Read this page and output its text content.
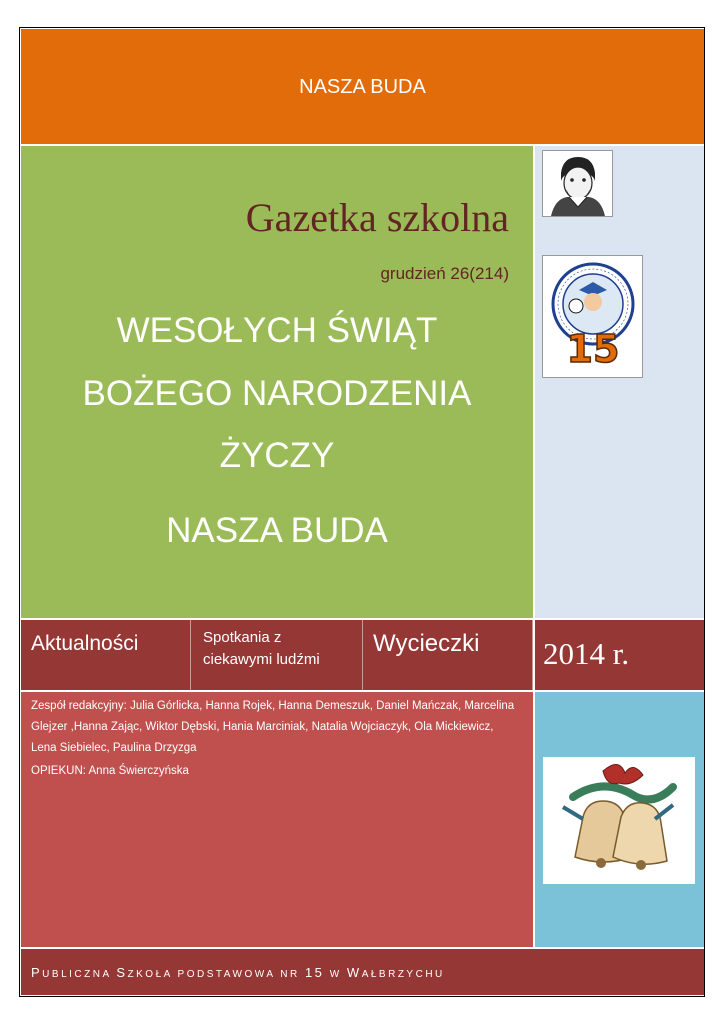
NASZA BUDA
Gazetka szkolna
grudzień 26(214)
WESOŁYCH ŚWIĄT
BOŻEGO NARODZENIA
ŻYCZY
NASZA BUDA
15
Aktualności	Spotkania z
ciekawymi ludźmi
Wycieczki	2014 r.
Zespół redakcyjny: Julia Górlicka, Hanna Rojek, Hanna Demeszuk, Daniel Mańczak, Marcelina Glejzer ,Hanna Zając, Wiktor Dębski, Hania Marciniak, Natalia Wojciaczyk, Ola Mickiewicz, Lena Siebielec, Paulina Drzyzga
OPIEKUN: Anna Świerczyńska
PUBLICZNA SZKOŁA PODSTAWOWA NR 15 W WAŁBRZYCHU
